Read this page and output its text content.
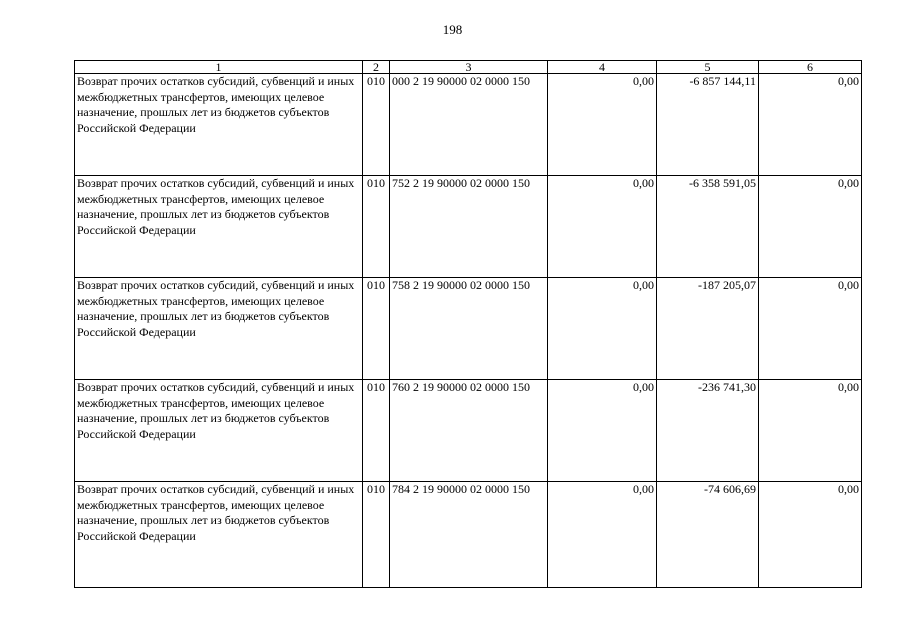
198
1	2	3	4	5	6
Возврат прочих остатков субсидий, субвенций и иных межбюджетных трансфертов, имеющих целевое назначение, прошлых лет из бюджетов субъектов Российской Федерации	010	000 2 19 90000 02 0000 150	0,00	-6 857 144,11	0,00
Возврат прочих остатков субсидий, субвенций и иных межбюджетных трансфертов, имеющих целевое назначение, прошлых лет из бюджетов субъектов Российской Федерации	010	752 2 19 90000 02 0000 150	0,00	-6 358 591,05	0,00
Возврат прочих остатков субсидий, субвенций и иных межбюджетных трансфертов, имеющих целевое назначение, прошлых лет из бюджетов субъектов Российской Федерации	010	758 2 19 90000 02 0000 150	0,00	-187 205,07	0,00
Возврат прочих остатков субсидий, субвенций и иных межбюджетных трансфертов, имеющих целевое назначение, прошлых лет из бюджетов субъектов Российской Федерации	010	760 2 19 90000 02 0000 150	0,00	-236 741,30	0,00
Возврат прочих остатков субсидий, субвенций и иных межбюджетных трансфертов, имеющих целевое назначение, прошлых лет из бюджетов субъектов Российской Федерации	010	784 2 19 90000 02 0000 150	0,00	-74 606,69	0,00
